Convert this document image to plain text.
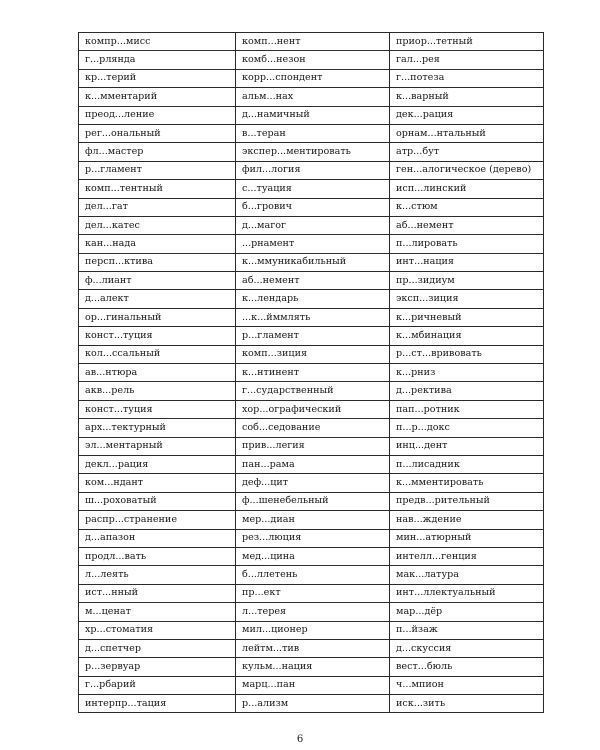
компр...мисс	комп...нент	приор...тетный
г...рлянда	комб...незон	гал...рея
кр...терий	корр...спондент	г...потеза
к...мментарий	альм...нах	к...варный
преод...ление	д...намичный	дек...рация
рег...ональный	в...теран	орнам...нтальный
фл...мастер	экспер...ментировать	атр...бут
р...гламент	фил...логия	ген...алогическое (дерево)
комп...тентный	с...туация	исп...линский
дел...гат	б...грович	к...стюм
дел...катес	д...магог	аб...немент
кан...нада	...рнамент	п...лировать
персп...ктива	к...ммуникабильный	инт...нация
ф...лиант	аб...немент	пр...зидиум
д...алект	к...лендарь	эксп...зиция
ор...гинальный	...к...йммлять	к...ричневый
конст...туция	р...гламент	к...мбинация
кол...ссальный	комп...зиция	р...ст...вривовать
ав...нтюра	к...нтинент	к...рниз
акв...рель	г...сударственный	д...ректива
конст...туция	хор...ографический	пап...ротник
арх...тектурный	соб...седование	п...р...докс
эл...ментарный	прив...легия	инц...дент
декл...рация	пан...рама	п...лисадник
ком...ндант	деф...цит	к...мментировать
ш...роховатый	ф...шенебельный	предв...рительный
распр...странение	мер...диан	нав...ждение
д...апазон	рез...люция	мин...атюрный
продл...вать	мед...цина	интелл...генция
л...леять	б...ллетень	мак...латура
ист...нный	пр...ект	инт...ллектуальный
м...ценат	л...терея	мар...дёр
хр...стоматия	мил...ционер	п...йзаж
д...спетчер	лейтм...тив	д...скуссия
р...зервуар	кульм...нация	вест...бюль
г...рбарий	марц...пан	ч...мпион
интерпр...тация	р...ализм	иск...зить
6
